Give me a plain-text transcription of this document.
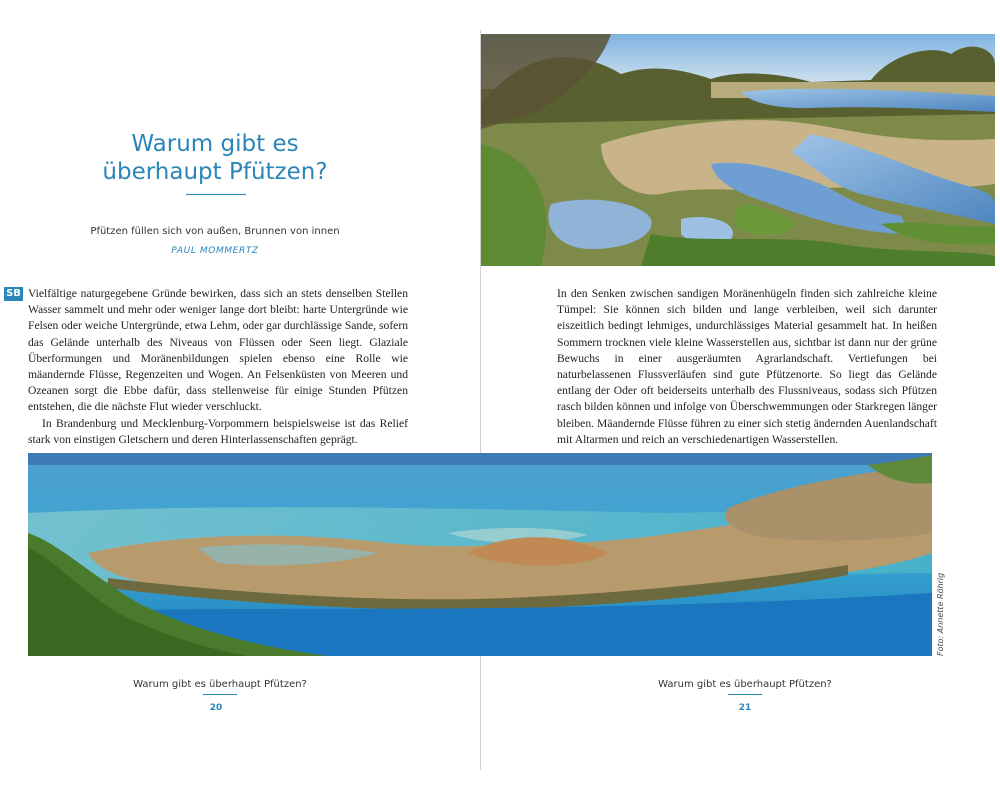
Warum gibt es
überhaupt Pfützen?
Pfützen füllen sich von außen, Brunnen von innen
PAUL MOMMERTZ
SB Vielfältige naturgegebene Gründe bewirken, dass sich an stets denselben Stellen Wasser sammelt und mehr oder weniger lange dort bleibt: harte Untergründe wie Felsen oder weiche Untergründe, etwa Lehm, oder gar durchlässige Sande, sofern das Gelände unterhalb des Niveaus von Flüssen oder Seen liegt. Glaziale Überformungen und Moränenbildungen spielen ebenso eine Rolle wie mäandernde Flüsse, Regenzeiten und Wogen. An Felsenküsten von Meeren und Ozeanen sorgt die Ebbe dafür, dass stellenweise für einige Stunden Pfützen entstehen, die die nächste Flut wieder verschluckt.

In Brandenburg und Mecklenburg-Vorpommern beispielsweise ist das Relief stark von einstigen Gletschern und deren Hinterlassenschaften geprägt.

In den Senken zwischen sandigen Moränenhügeln finden sich zahlreiche kleine Tümpel: Sie können sich bilden und lange verbleiben, weil sich darunter eiszeitlich bedingt lehmiges, undurchlässiges Material gesammelt hat. In heißen Sommern trocknen viele kleine Wasserstellen aus, sichtbar ist dann nur der grüne Bewuchs in einer ausgeräumten Agrarlandschaft. Vertiefungen bei naturbelassenen Flussverläufen sind gute Pfützenorte. So liegt das Gelände entlang der Oder oft beiderseits unterhalb des Flussniveaus, sodass sich Pfützen rasch bilden können und infolge von Überschwemmungen oder Starkregen länger bleiben. Mäandernde Flüsse führen zu einer sich stetig ändernden Auenlandschaft mit Altarmen und reich an verschiedenartigen Wasserstellen.

Foto: Annette Röhrig
Warum gibt es überhaupt Pfützen?
20
Warum gibt es überhaupt Pfützen?
21
